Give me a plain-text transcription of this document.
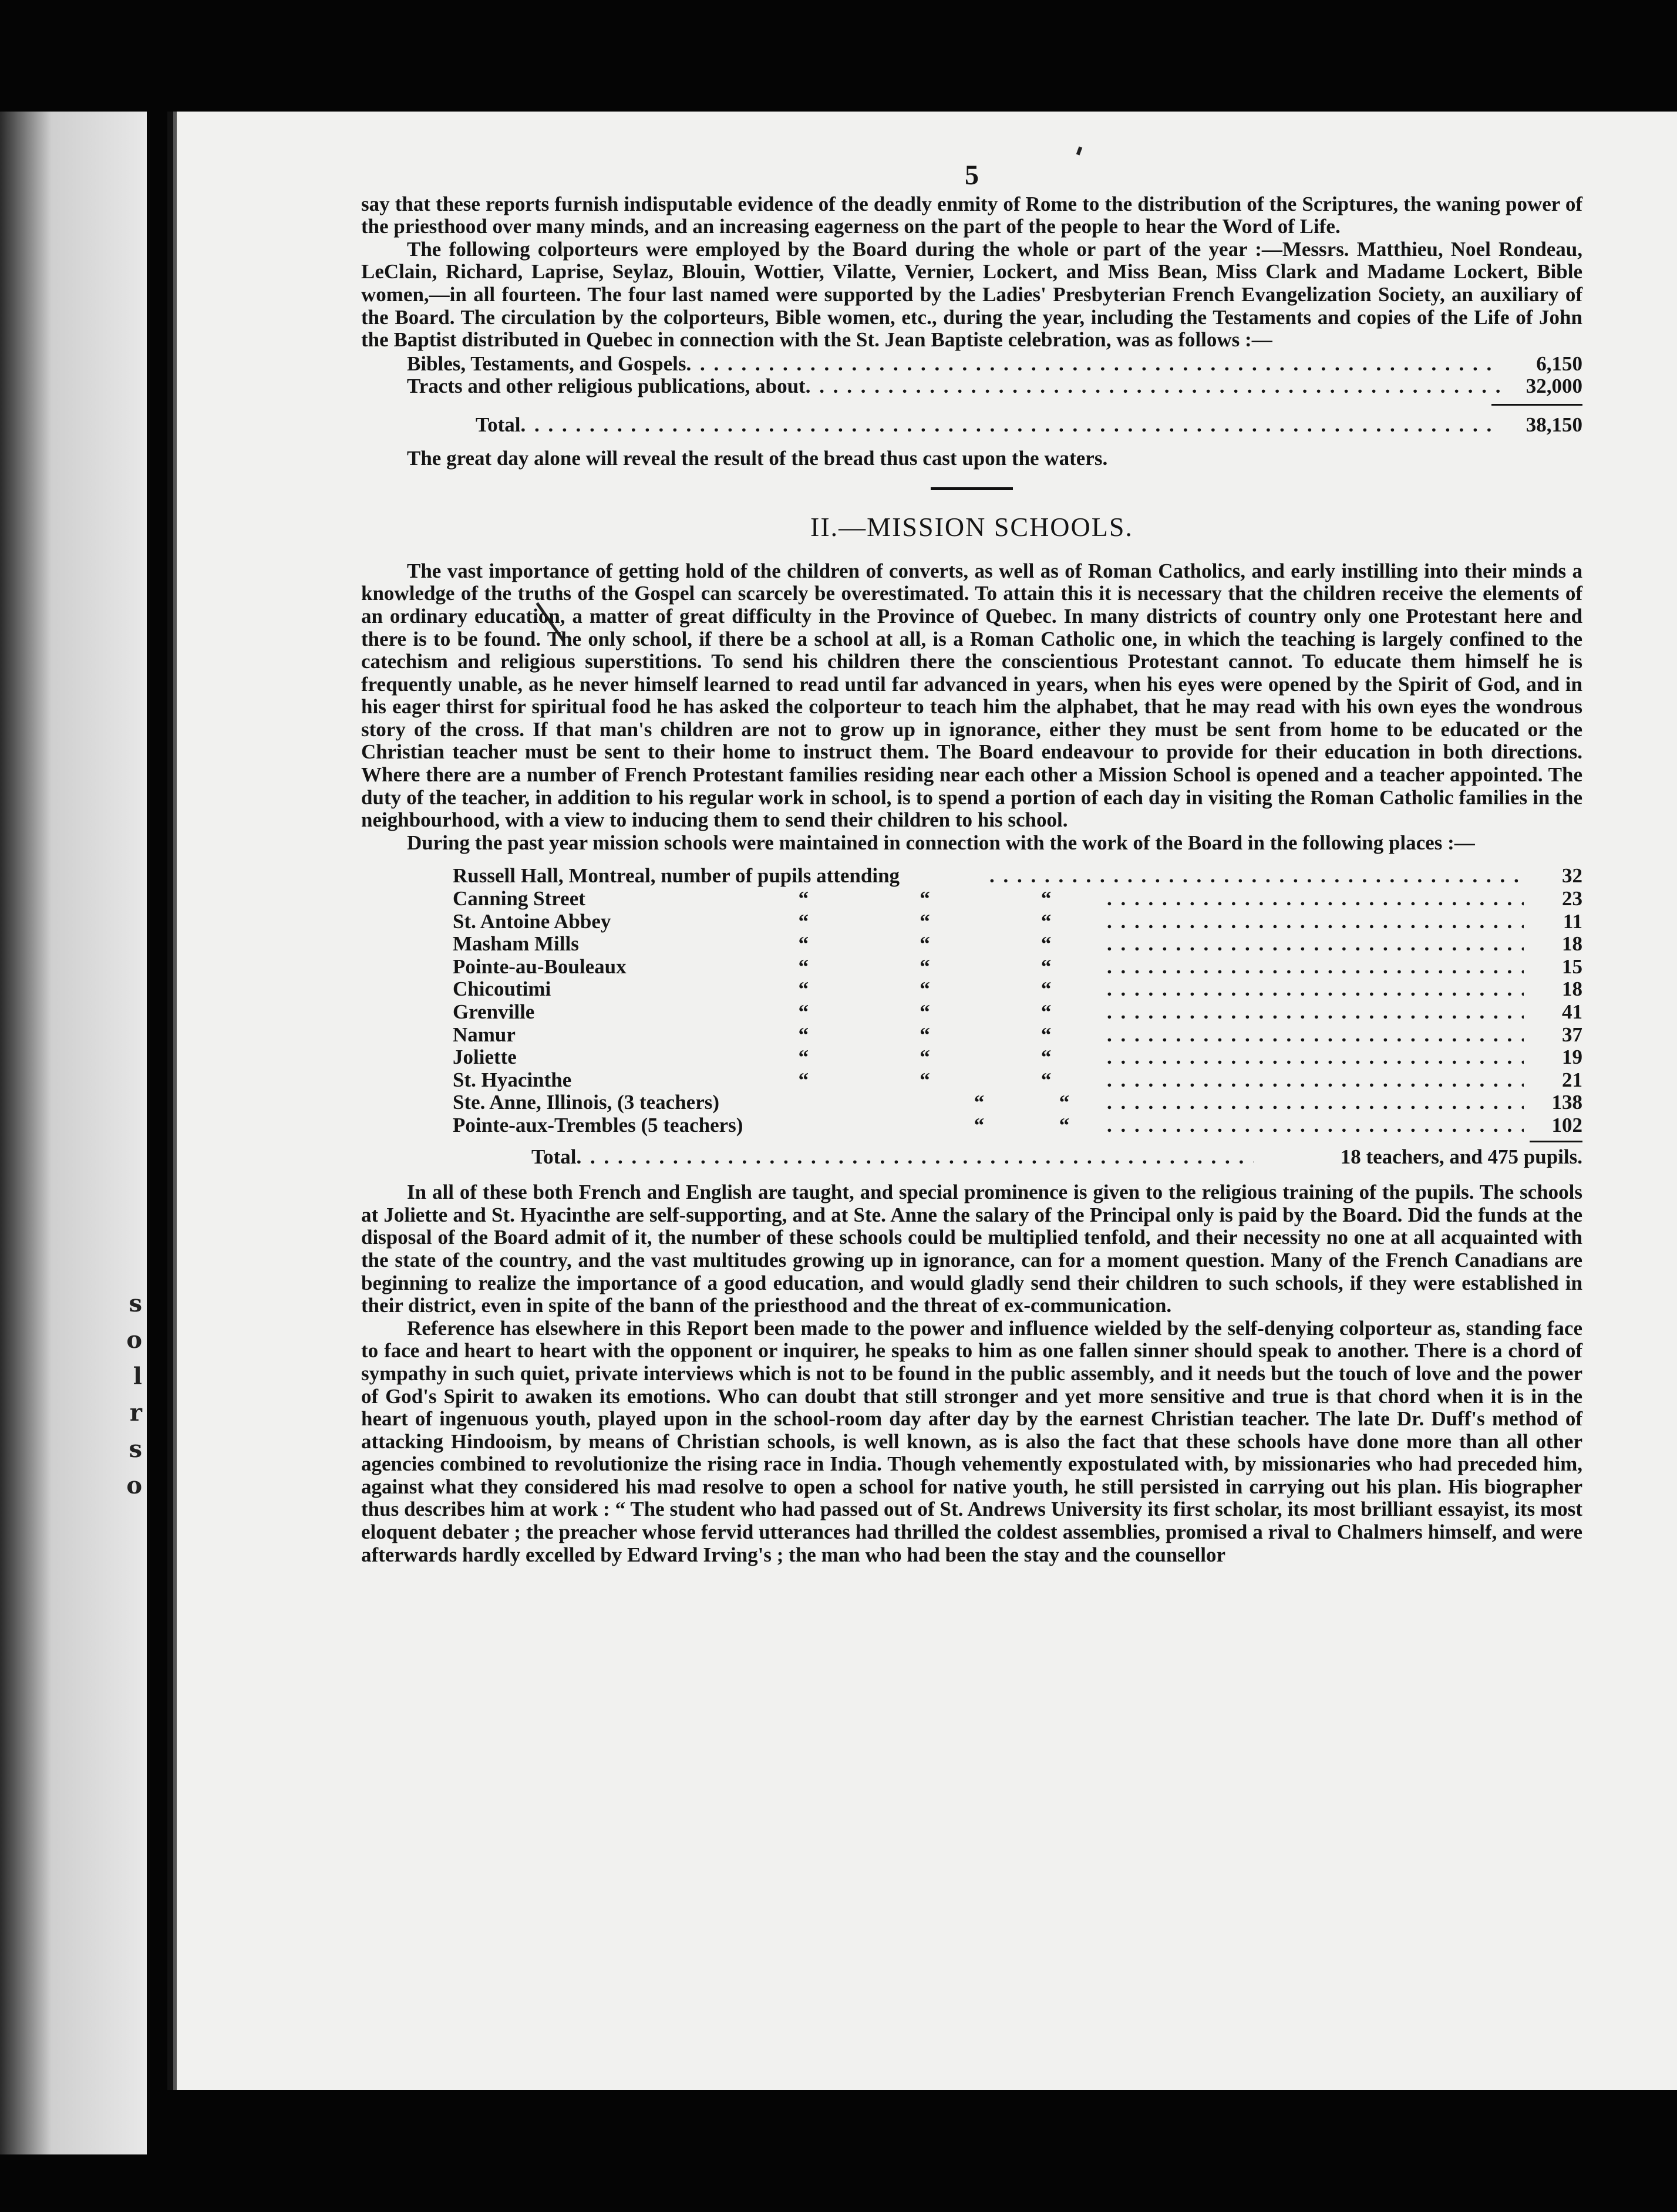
s
o
l
r
s
o
5

say that these reports furnish indisputable evidence of the deadly enmity of Rome to the distribution of the Scriptures, the waning power of the priesthood over many minds, and an increasing eagerness on the part of the people to hear the Word of Life.

The following colporteurs were employed by the Board during the whole or part of the year :—Messrs. Matthieu, Noel Rondeau, LeClain, Richard, Laprise, Seylaz, Blouin, Wottier, Vilatte, Vernier, Lockert, and Miss Bean, Miss Clark and Madame Lockert, Bible women,—in all fourteen. The four last named were supported by the Ladies' Presbyterian French Evangelization Society, an auxiliary of the Board. The circulation by the colporteurs, Bible women, etc., during the year, including the Testaments and copies of the Life of John the Baptist distributed in Quebec in connection with the St. Jean Baptiste celebration, was as follows :—

Bibles, Testaments, and Gospels . . .	6,150
Tracts and other religious publications, about . . .	32,000
Total . . .	38,150

The great day alone will reveal the result of the bread thus cast upon the waters.

II.—MISSION SCHOOLS.

The vast importance of getting hold of the children of converts, as well as of Roman Catholics, and early instilling into their minds a knowledge of the truths of the Gospel can scarcely be overestimated. To attain this it is necessary that the children receive the elements of an ordinary education, a matter of great difficulty in the Province of Quebec. In many districts of country only one Protestant here and there is to be found. The only school, if there be a school at all, is a Roman Catholic one, in which the teaching is largely confined to the catechism and religious superstitions. To send his children there the conscientious Protestant cannot. To educate them himself he is frequently unable, as he never himself learned to read until far advanced in years, when his eyes were opened by the Spirit of God, and in his eager thirst for spiritual food he has asked the colporteur to teach him the alphabet, that he may read with his own eyes the wondrous story of the cross. If that man's children are not to grow up in ignorance, either they must be sent from home to be educated or the Christian teacher must be sent to their home to instruct them. The Board endeavour to provide for their education in both directions. Where there are a number of French Protestant families residing near each other a Mission School is opened and a teacher appointed. The duty of the teacher, in addition to his regular work in school, is to spend a portion of each day in visiting the Roman Catholic families in the neighbourhood, with a view to inducing them to send their children to his school.

During the past year mission schools were maintained in connection with the work of the Board in the following places :—

Russell Hall, Montreal, number of pupils attending . . .	32
Canning Street	“	“	“ . . .	23
St. Antoine Abbey	“	“	“ . . .	11
Masham Mills	“	“	“ . . .	18
Pointe-au-Bouleaux	“	“	“ . . .	15
Chicoutimi	“	“	“ . . .	18
Grenville	“	“	“ . . .	41
Namur	“	“	“ . . .	37
Joliette	“	“	“ . . .	19
St. Hyacinthe	“	“	“ . . .	21
Ste. Anne, Illinois, (3 teachers)	“	“ . . .	138
Pointe-aux-Trembles (5 teachers)	“	“ . . .	102
Total . . .	18 teachers, and 475 pupils.

In all of these both French and English are taught, and special prominence is given to the religious training of the pupils. The schools at Joliette and St. Hyacinthe are self-supporting, and at Ste. Anne the salary of the Principal only is paid by the Board. Did the funds at the disposal of the Board admit of it, the number of these schools could be multiplied tenfold, and their necessity no one at all acquainted with the state of the country, and the vast multitudes growing up in ignorance, can for a moment question. Many of the French Canadians are beginning to realize the importance of a good education, and would gladly send their children to such schools, if they were established in their district, even in spite of the bann of the priesthood and the threat of ex-communication.

Reference has elsewhere in this Report been made to the power and influence wielded by the self-denying colporteur as, standing face to face and heart to heart with the opponent or inquirer, he speaks to him as one fallen sinner should speak to another. There is a chord of sympathy in such quiet, private interviews which is not to be found in the public assembly, and it needs but the touch of love and the power of God's Spirit to awaken its emotions. Who can doubt that still stronger and yet more sensitive and true is that chord when it is in the heart of ingenuous youth, played upon in the school-room day after day by the earnest Christian teacher. The late Dr. Duff's method of attacking Hindooism, by means of Christian schools, is well known, as is also the fact that these schools have done more than all other agencies combined to revolutionize the rising race in India. Though vehemently expostulated with, by missionaries who had preceded him, against what they considered his mad resolve to open a school for native youth, he still persisted in carrying out his plan. His biographer thus describes him at work : “ The student who had passed out of St. Andrews University its first scholar, its most brilliant essayist, its most eloquent debater ; the preacher whose fervid utterances had thrilled the coldest assemblies, promised a rival to Chalmers himself, and were afterwards hardly excelled by Edward Irving's ; the man who had been the stay and the counsellor
